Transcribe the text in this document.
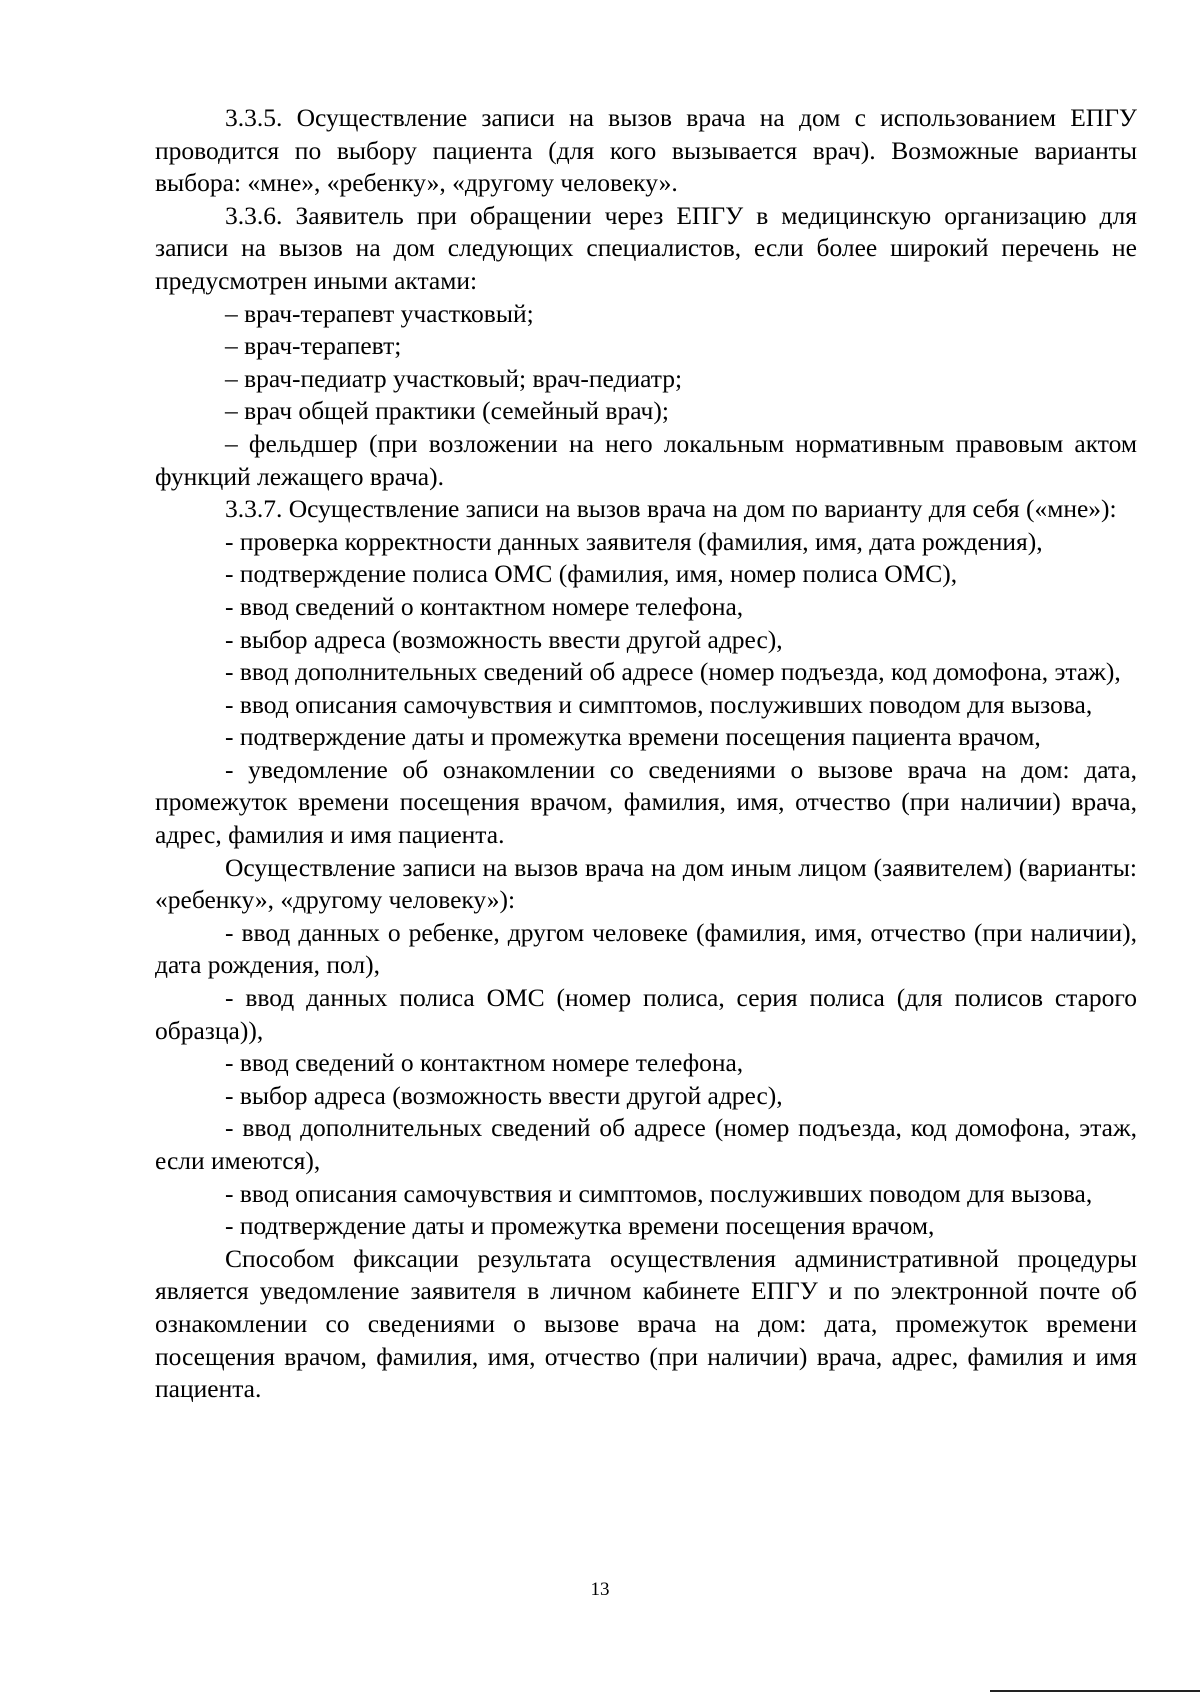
3.3.5. Осуществление записи на вызов врача на дом с использованием ЕПГУ проводится по выбору пациента (для кого вызывается врач). Возможные варианты выбора: «мне», «ребенку», «другому человеку».

3.3.6. Заявитель при обращении через ЕПГУ в медицинскую организацию для записи на вызов на дом следующих специалистов, если более широкий перечень не предусмотрен иными актами:

– врач-терапевт участковый;

– врач-терапевт;

– врач-педиатр участковый; врач-педиатр;

– врач общей практики (семейный врач);

– фельдшер (при возложении на него локальным нормативным правовым актом функций лежащего врача).

3.3.7. Осуществление записи на вызов врача на дом по варианту для себя («мне»):

- проверка корректности данных заявителя (фамилия, имя, дата рождения),

- подтверждение полиса ОМС (фамилия, имя, номер полиса ОМС),

- ввод сведений о контактном номере телефона,

- выбор адреса (возможность ввести другой адрес),

- ввод дополнительных сведений об адресе (номер подъезда, код домофона, этаж),

- ввод описания самочувствия и симптомов, послуживших поводом для вызова,

- подтверждение даты и промежутка времени посещения пациента врачом,

- уведомление об ознакомлении со сведениями о вызове врача на дом: дата, промежуток времени посещения врачом, фамилия, имя, отчество (при наличии) врача, адрес, фамилия и имя пациента.

Осуществление записи на вызов врача на дом иным лицом (заявителем) (варианты: «ребенку», «другому человеку»):

- ввод данных о ребенке, другом человеке (фамилия, имя, отчество (при наличии), дата рождения, пол),

- ввод данных полиса ОМС (номер полиса, серия полиса (для полисов старого образца)),

- ввод сведений о контактном номере телефона,

- выбор адреса (возможность ввести другой адрес),

- ввод дополнительных сведений об адресе (номер подъезда, код домофона, этаж, если имеются),

- ввод описания самочувствия и симптомов, послуживших поводом для вызова,

- подтверждение даты и промежутка времени посещения врачом,

Способом фиксации результата осуществления административной процедуры является уведомление заявителя в личном кабинете ЕПГУ и по электронной почте об ознакомлении со сведениями о вызове врача на дом: дата, промежуток времени посещения врачом, фамилия, имя, отчество (при наличии) врача, адрес, фамилия и имя пациента.

13
